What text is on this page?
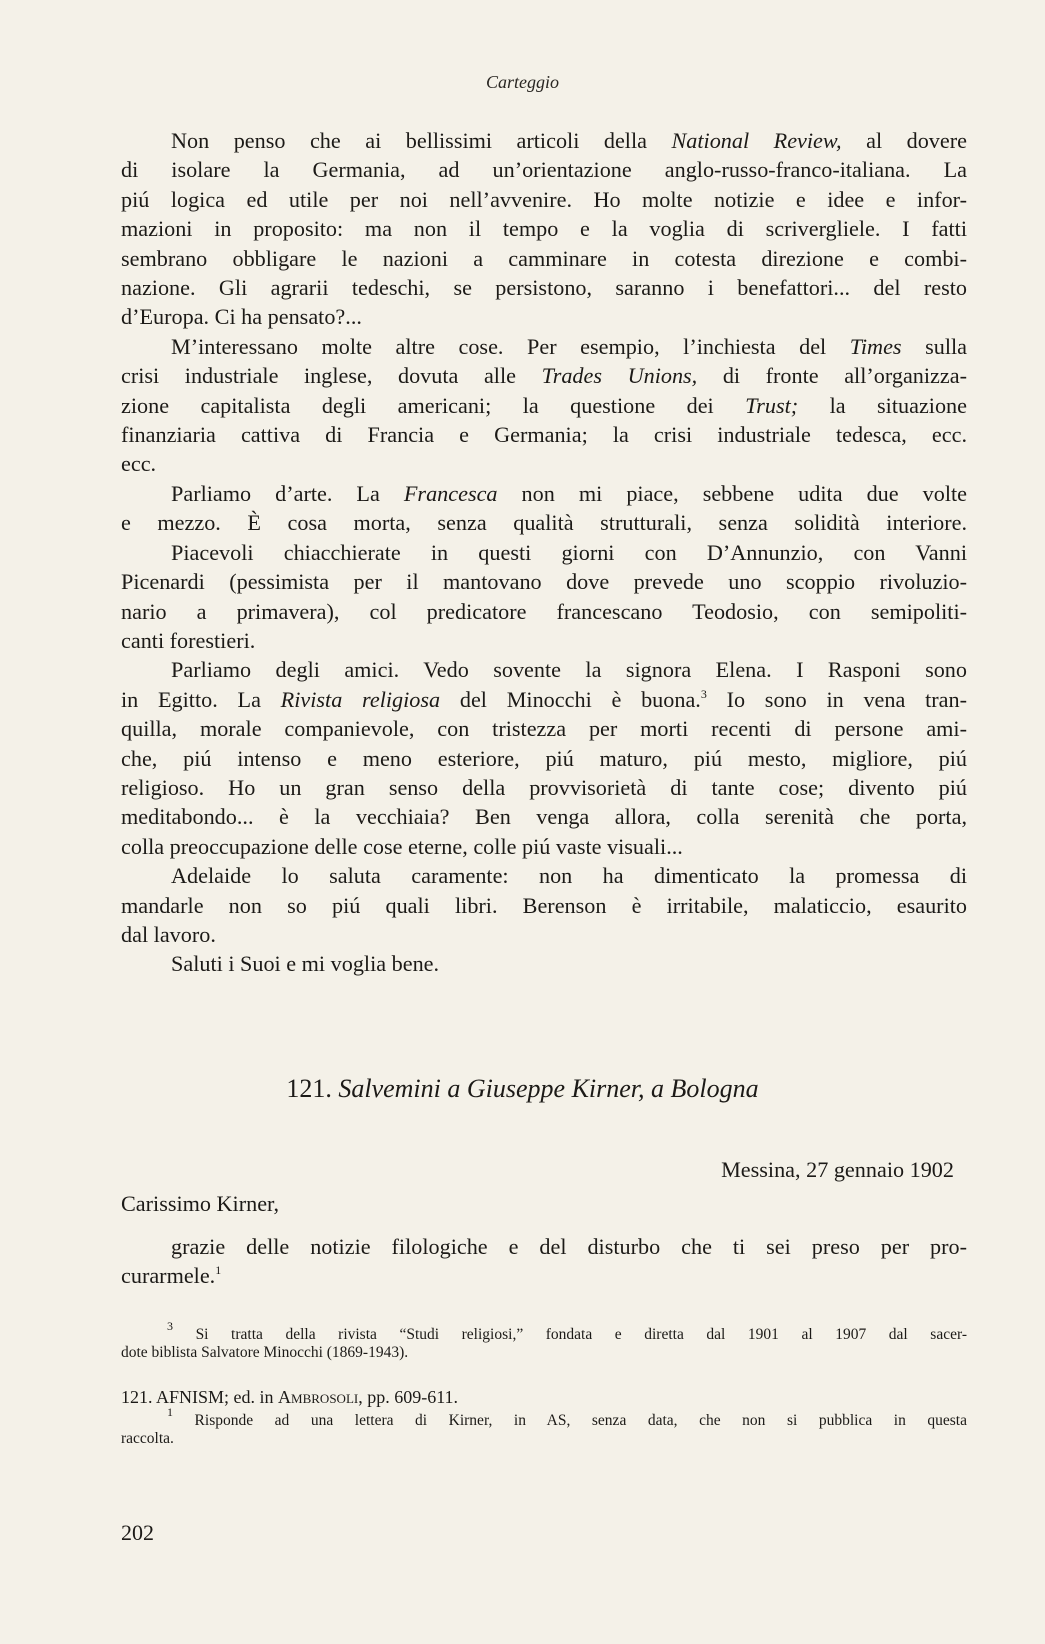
Carteggio
Non penso che ai bellissimi articoli della National Review, al dovere
di isolare la Germania, ad un’orientazione anglo-russo-franco-italiana. La
piú logica ed utile per noi nell’avvenire. Ho molte notizie e idee e infor-
mazioni in proposito: ma non il tempo e la voglia di scrivergliele. I fatti
sembrano obbligare le nazioni a camminare in cotesta direzione e combi-
nazione. Gli agrarii tedeschi, se persistono, saranno i benefattori... del resto
d’Europa. Ci ha pensato?...
M’interessano molte altre cose. Per esempio, l’inchiesta del Times sulla
crisi industriale inglese, dovuta alle Trades Unions, di fronte all’organizza-
zione capitalista degli americani; la questione dei Trust; la situazione
finanziaria cattiva di Francia e Germania; la crisi industriale tedesca, ecc.
ecc.
Parliamo d’arte. La Francesca non mi piace, sebbene udita due volte
e mezzo. È cosa morta, senza qualità strutturali, senza solidità interiore.
Piacevoli chiacchierate in questi giorni con D’Annunzio, con Vanni
Picenardi (pessimista per il mantovano dove prevede uno scoppio rivoluzio-
nario a primavera), col predicatore francescano Teodosio, con semipoliti-
canti forestieri.
Parliamo degli amici. Vedo sovente la signora Elena. I Rasponi sono
in Egitto. La Rivista religiosa del Minocchi è buona.$^3$ Io sono in vena tran-
quilla, morale companievole, con tristezza per morti recenti di persone ami-
che, piú intenso e meno esteriore, piú maturo, piú mesto, migliore, piú
religioso. Ho un gran senso della provvisorietà di tante cose; divento piú
meditabondo... è la vecchiaia? Ben venga allora, colla serenità che porta,
colla preoccupazione delle cose eterne, colle piú vaste visuali...
Adelaide lo saluta caramente: non ha dimenticato la promessa di
mandarle non so piú quali libri. Berenson è irritabile, malaticcio, esaurito
dal lavoro.
Saluti i Suoi e mi voglia bene.
121. Salvemini a Giuseppe Kirner, a Bologna
Messina, 27 gennaio 1902
Carissimo Kirner,
grazie delle notizie filologiche e del disturbo che ti sei preso per pro-
curarmele.$^1$
$^3$ Si tratta della rivista “Studi religiosi,” fondata e diretta dal 1901 al 1907 dal sacer-
dote biblista Salvatore Minocchi (1869-1943).
121. AFNISM; ed. in Ambrosoli, pp. 609-611.
$^1$ Risponde ad una lettera di Kirner, in AS, senza data, che non si pubblica in questa
raccolta.
202
